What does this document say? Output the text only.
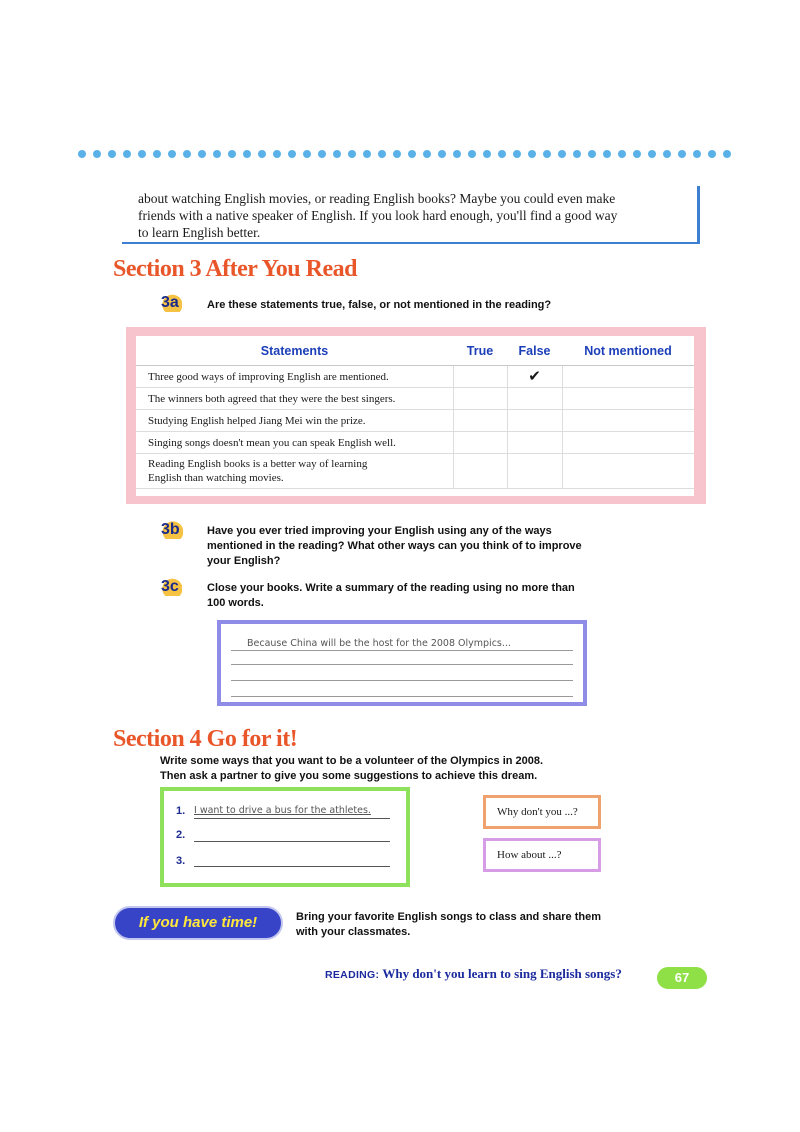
about watching English movies, or reading English books? Maybe you could even make

friends with a native speaker of English. If you look hard enough, you'll find a good way

to learn English better.

Section 3 After You Read
3a	Are these statements true, false, or not mentioned in the reading?
Statements	True	False	Not mentioned
Three good ways of improving English are mentioned.		✔	
The winners both agreed that they were the best singers.			
Studying English helped Jiang Mei win the prize.			
Singing songs doesn't mean you can speak English well.			

Reading English books is a better way of learning
English than watching movies.			

3b Have you ever tried improving your English using any of the ways
mentioned in the reading? What other ways can you think of to improve
your English?
3c	Close your books. Write a summary of the reading using no more than
100 words.
Because China will be the host for the 2008 Olympics...
Section 4 Go for it!
Write some ways that you want to be a volunteer of the Olympics in 2008.
Then ask a partner to give you some suggestions to achieve this dream.
1. I want to drive a bus for the athletes.
2.
3.
Why don't you ...?
How about ...?
If you have time!	Bring your favorite English songs to class and share them
with your classmates.
READING: Why don't you learn to sing English songs?	67
